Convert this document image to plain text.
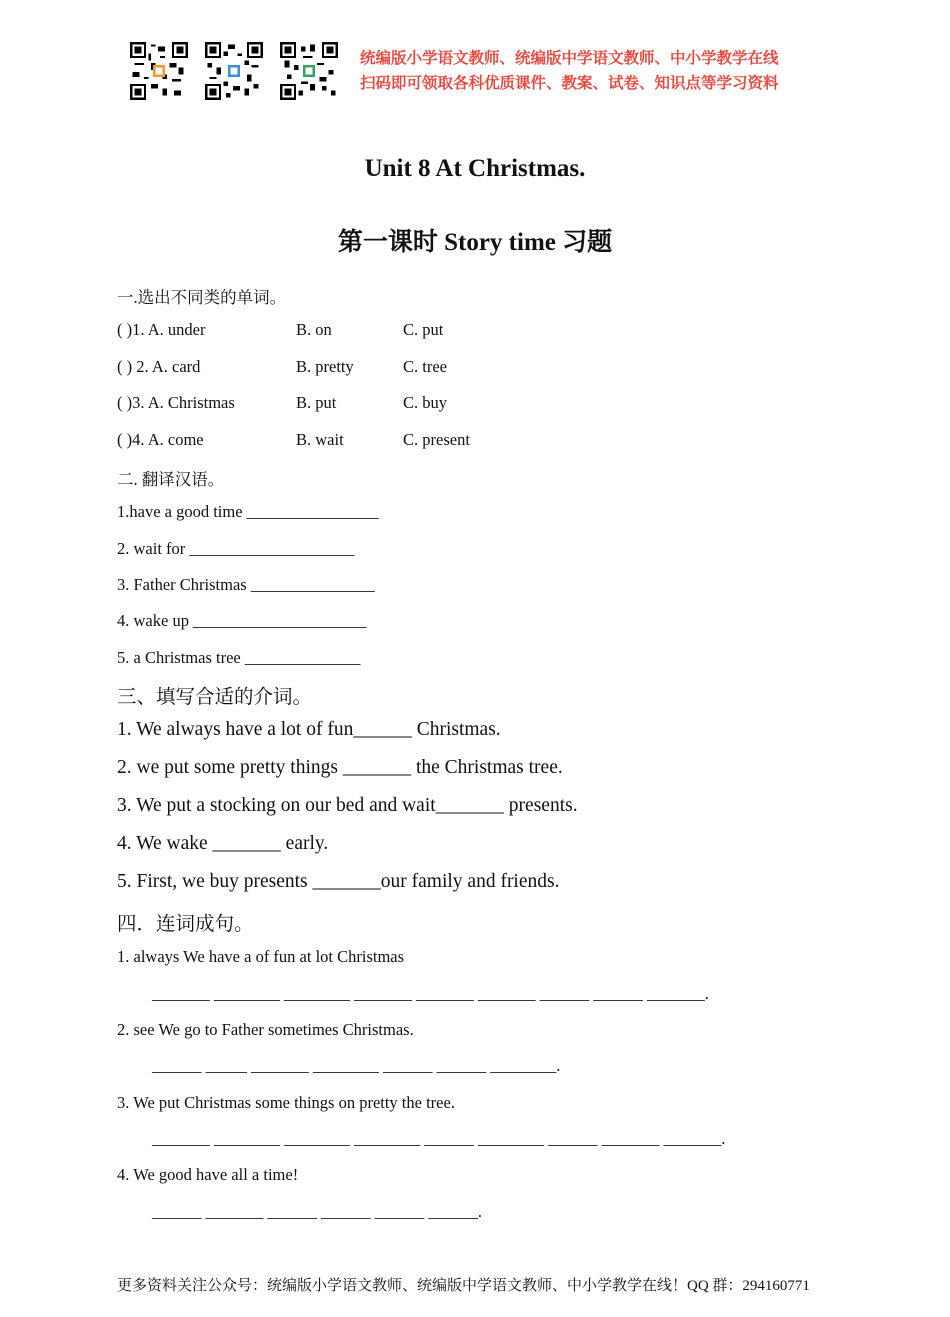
统编版小学语文教师、统编版中学语文教师、中小学教学在线
扫码即可领取各科优质课件、教案、试卷、知识点等学习资料
Unit 8 At Christmas.
第一课时 Story time 习题
一.选出不同类的单词。
( )1. A. under	B. on	C. put
( ) 2. A. card	B. pretty	C. tree
( )3. A. Christmas	B. put	C. buy
( )4. A. come	B. wait	C. present
二. 翻译汉语。
1.have a good time ________________
2. wait for ____________________
3. Father Christmas _______________
4. wake up _____________________
5. a Christmas tree ______________
三、填写合适的介词。
1. We always have a lot of fun______ Christmas.
2. we put some pretty things _______ the Christmas tree.
3. We put a stocking on our bed and wait_______ presents.
4. We wake _______ early.
5. First, we buy presents _______our family and friends.
四．连词成句。
1. always We have a of fun at lot Christmas
_______ ________ ________ _______ _______ _______ ______ ______ _______.
2. see We go to Father sometimes Christmas.
______ _____ _______ ________ ______ ______ ________.
3. We put Christmas some things on pretty the tree.
_______ ________ ________ ________ ______ ________ ______ _______ _______.
4. We good have all a time!
______ _______ ______ ______ ______ ______.
更多资料关注公众号：统编版小学语文教师、统编版中学语文教师、中小学教学在线！QQ 群：294160771
